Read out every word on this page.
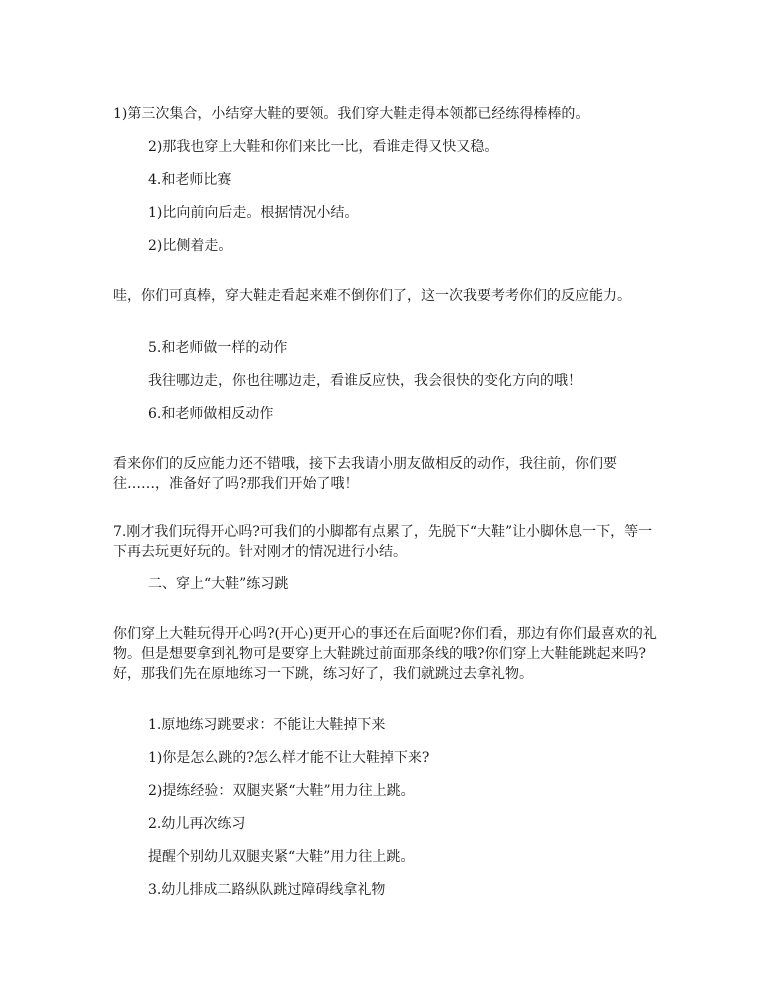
1)第三次集合，小结穿大鞋的要领。我们穿大鞋走得本领都已经练得棒棒的。
2)那我也穿上大鞋和你们来比一比，看谁走得又快又稳。
4.和老师比赛
1)比向前向后走。根据情况小结。
2)比侧着走。
哇，你们可真棒，穿大鞋走看起来难不倒你们了，这一次我要考考你们的反应能力。
5.和老师做一样的动作
我往哪边走，你也往哪边走，看谁反应快，我会很快的变化方向的哦！
6.和老师做相反动作
看来你们的反应能力还不错哦，接下去我请小朋友做相反的动作，我往前，你们要往……，准备好了吗?那我们开始了哦！
7.刚才我们玩得开心吗?可我们的小脚都有点累了，先脱下“大鞋”让小脚休息一下，等一下再去玩更好玩的。针对刚才的情况进行小结。
二、穿上“大鞋”练习跳
你们穿上大鞋玩得开心吗?(开心)更开心的事还在后面呢?你们看，那边有你们最喜欢的礼物。但是想要拿到礼物可是要穿上大鞋跳过前面那条线的哦?你们穿上大鞋能跳起来吗?好，那我们先在原地练习一下跳，练习好了，我们就跳过去拿礼物。
1.原地练习跳要求：不能让大鞋掉下来
1)你是怎么跳的?怎么样才能不让大鞋掉下来?
2)提练经验：双腿夹紧“大鞋”用力往上跳。
2.幼儿再次练习
提醒个别幼儿双腿夹紧“大鞋”用力往上跳。
3.幼儿排成二路纵队跳过障碍线拿礼物
